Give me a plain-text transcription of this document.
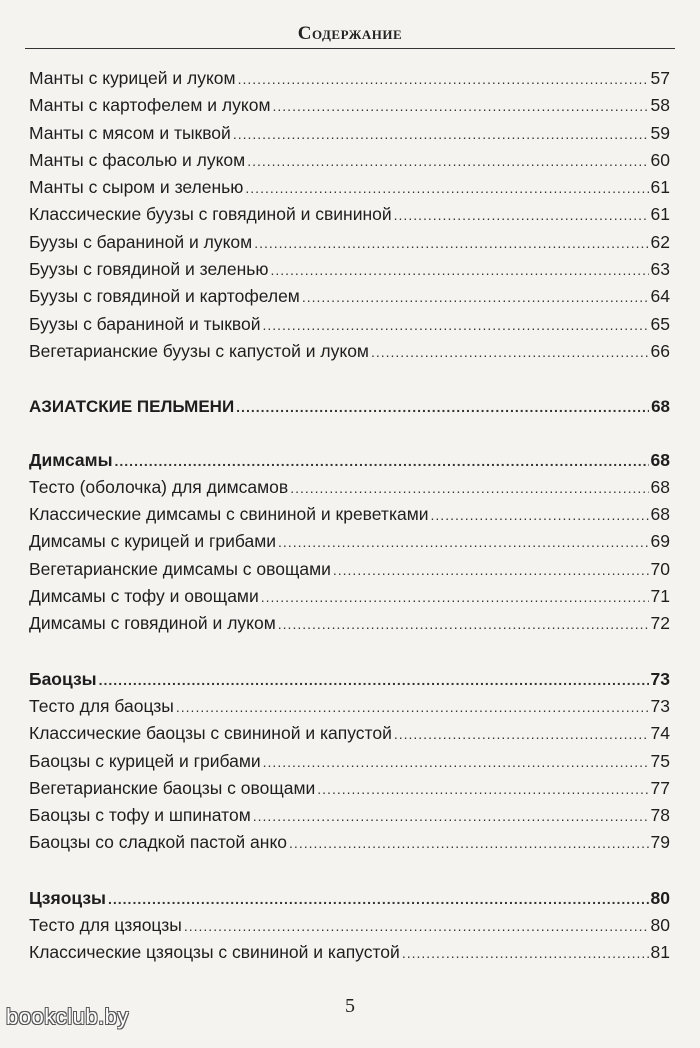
Содержание
Манты с курицей и луком .....	57
Манты с картофелем и луком .....	58
Манты с мясом и тыквой .....	59
Манты с фасолью и луком .....	60
Манты с сыром и зеленью .....	61
Классические буузы с говядиной и свининой .....	61
Буузы с бараниной и луком .....	62
Буузы с говядиной и зеленью .....	63
Буузы с говядиной и картофелем .....	64
Буузы с бараниной и тыквой .....	65
Вегетарианские буузы с капустой и луком .....	66
АЗИАТСКИЕ ПЕЛЬМЕНИ .....	68
Димсамы .....	68
Тесто (оболочка) для димсамов .....	68
Классические димсамы с свининой и креветками .....	68
Димсамы с курицей и грибами .....	69
Вегетарианские димсамы с овощами .....	70
Димсамы с тофу и овощами .....	71
Димсамы с говядиной и луком .....	72
Баоцзы .....	73
Тесто для баоцзы .....	73
Классические баоцзы с свининой и капустой .....	74
Баоцзы с курицей и грибами .....	75
Вегетарианские баоцзы с овощами .....	77
Баоцзы с тофу и шпинатом .....	78
Баоцзы со сладкой пастой анко .....	79
Цзяоцзы .....	80
Тесто для цзяоцзы .....	80
Классические цзяоцзы с свининой и капустой .....	81
5
bookclub.by
